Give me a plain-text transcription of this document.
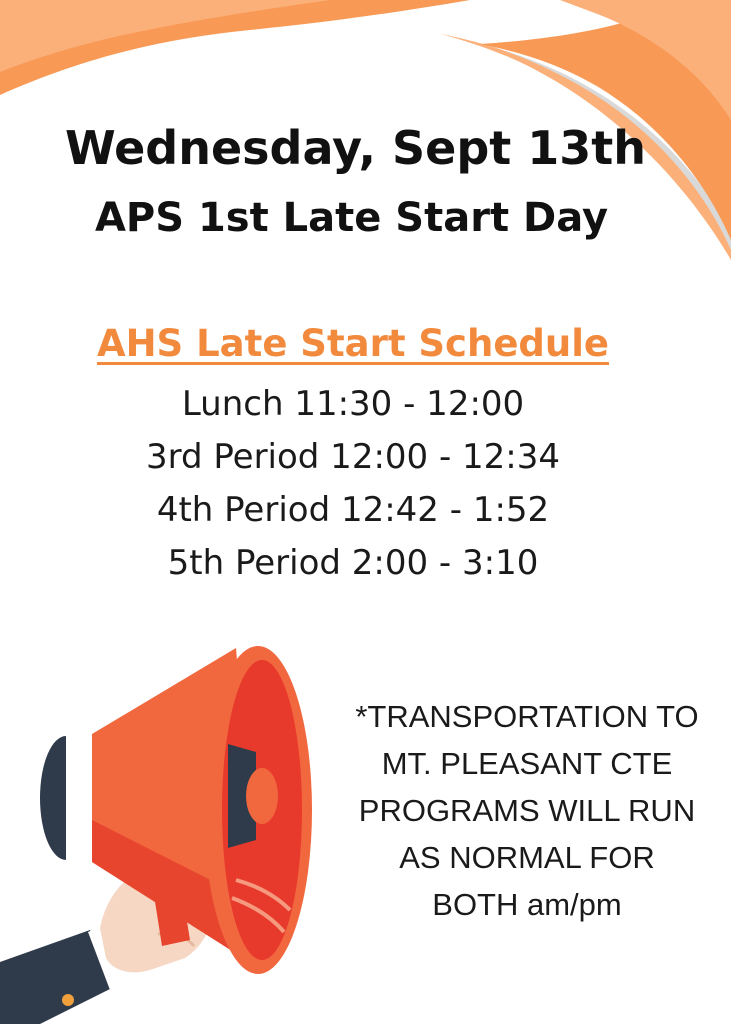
Wednesday, Sept 13th
APS 1st Late Start Day
AHS Late Start Schedule
Lunch 11:30 - 12:00
3rd Period 12:00 - 12:34
4th Period 12:42 - 1:52
5th Period 2:00 - 3:10
*TRANSPORTATION TO
MT. PLEASANT CTE
PROGRAMS WILL RUN
AS NORMAL FOR
BOTH am/pm
